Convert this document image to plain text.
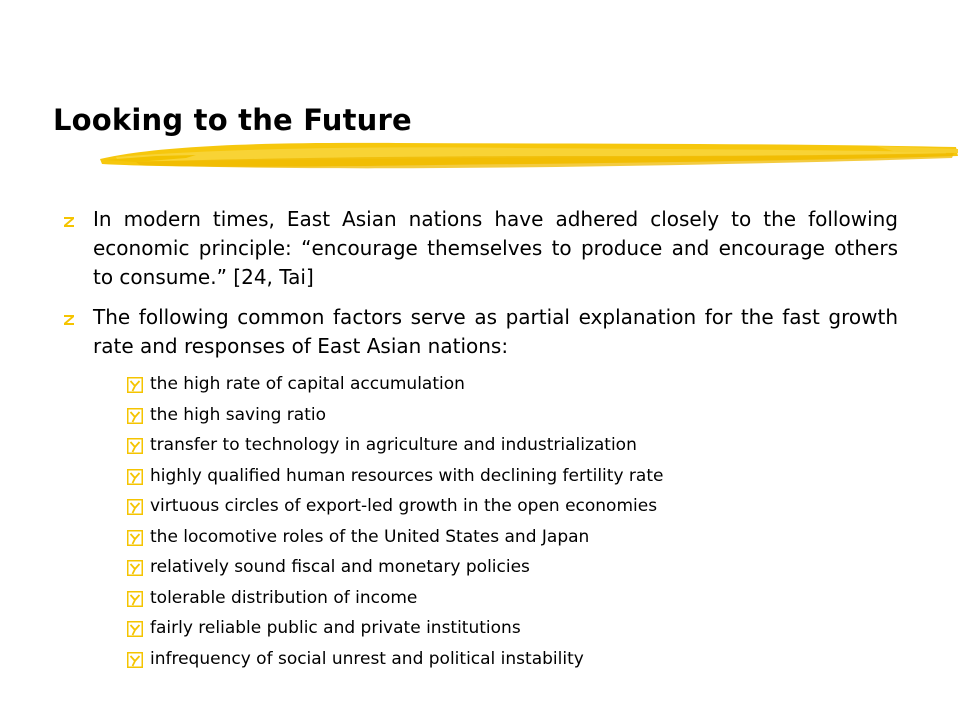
Looking to the Future
In modern times, East Asian nations have adhered closely to the following economic principle: “encourage themselves to produce and encourage others to consume.” [24, Tai]
The following common factors serve as partial explanation for the fast growth rate and responses of East Asian nations:
the high rate of capital accumulation
the high saving ratio
transfer to technology in agriculture and industrialization
highly qualified human resources with declining fertility rate
virtuous circles of export-led growth in the open economies
the locomotive roles of the United States and Japan
relatively sound fiscal and monetary policies
tolerable distribution of income
fairly reliable public and private institutions
infrequency of social unrest and political instability
